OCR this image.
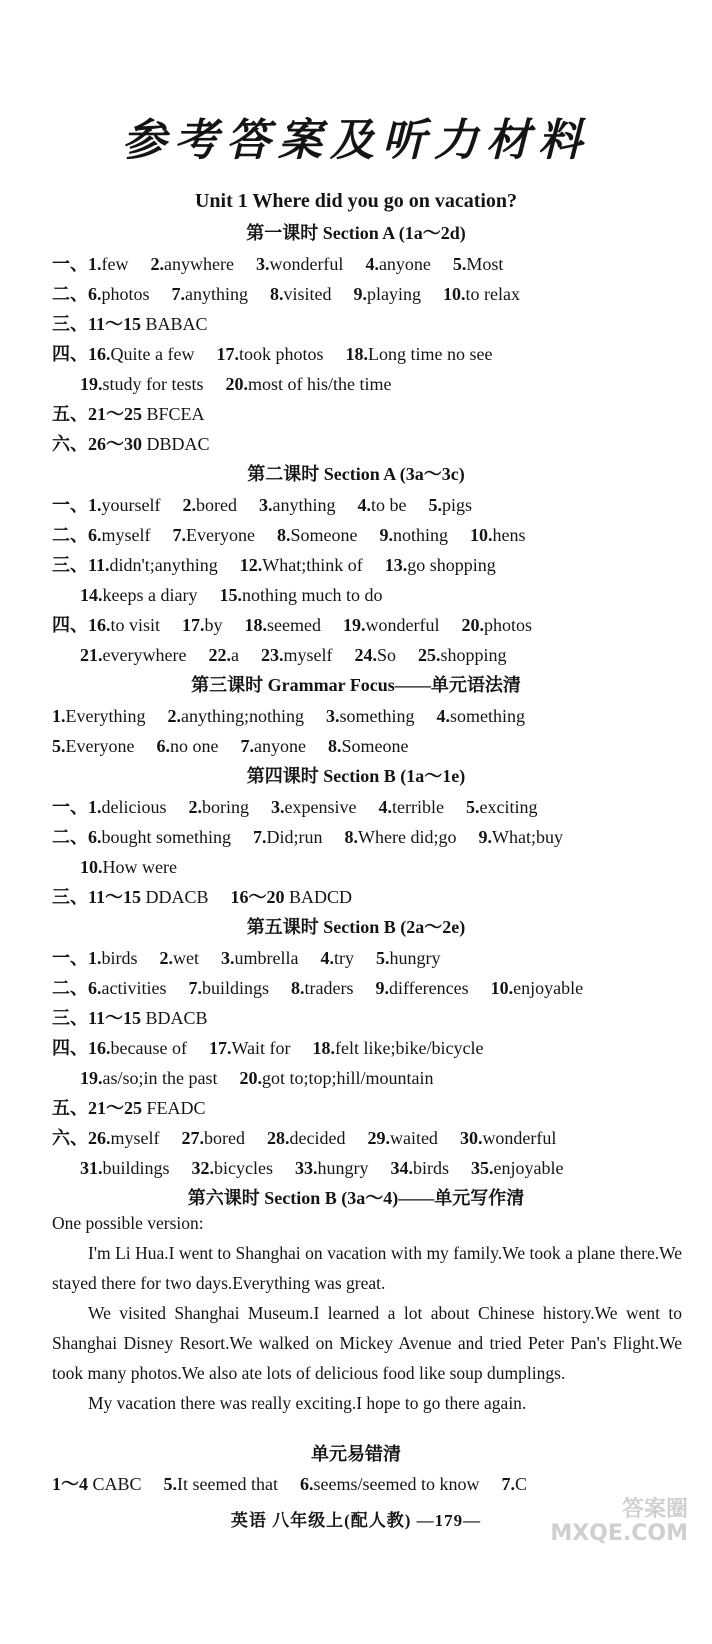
参考答案及听力材料
Unit 1 Where did you go on vacation?
第一课时 Section A (1a～2d)
一、1.few 2.anywhere 3.wonderful 4.anyone 5.Most
二、6.photos 7.anything 8.visited 9.playing 10.to relax
三、11～15 BABAC
四、16.Quite a few 17.took photos 18.Long time no see
19.study for tests 20.most of his/the time
五、21～25 BFCEA
六、26～30 DBDAC
第二课时 Section A (3a～3c)
一、1.yourself 2.bored 3.anything 4.to be 5.pigs
二、6.myself 7.Everyone 8.Someone 9.nothing 10.hens
三、11.didn't;anything 12.What;think of 13.go shopping
14.keeps a diary 15.nothing much to do
四、16.to visit 17.by 18.seemed 19.wonderful 20.photos
21.everywhere 22.a 23.myself 24.So 25.shopping
第三课时 Grammar Focus——单元语法清
1.Everything 2.anything;nothing 3.something 4.something
5.Everyone 6.no one 7.anyone 8.Someone
第四课时 Section B (1a～1e)
一、1.delicious 2.boring 3.expensive 4.terrible 5.exciting
二、6.bought something 7.Did;run 8.Where did;go 9.What;buy
10.How were
三、11～15 DDACB 16～20 BADCD
第五课时 Section B (2a～2e)
一、1.birds 2.wet 3.umbrella 4.try 5.hungry
二、6.activities 7.buildings 8.traders 9.differences 10.enjoyable
三、11～15 BDACB
四、16.because of 17.Wait for 18.felt like;bike/bicycle
19.as/so;in the past 20.got to;top;hill/mountain
五、21～25 FEADC
六、26.myself 27.bored 28.decided 29.waited 30.wonderful
31.buildings 32.bicycles 33.hungry 34.birds 35.enjoyable
第六课时 Section B (3a～4)——单元写作清

One possible version:

I'm Li Hua.I went to Shanghai on vacation with my family.We took a plane there.We stayed there for two days.Everything was great.

We visited Shanghai Museum.I learned a lot about Chinese history.We went to Shanghai Disney Resort.We walked on Mickey Avenue and tried Peter Pan's Flight.We took many photos.We also ate lots of delicious food like soup dumplings.

My vacation there was really exciting.I hope to go there again.

单元易错清
1～4 CABC 5.It seemed that 6.seems/seemed to know 7.C
英语 八年级上(配人教) —179—	答案圈 MXQE.COM
